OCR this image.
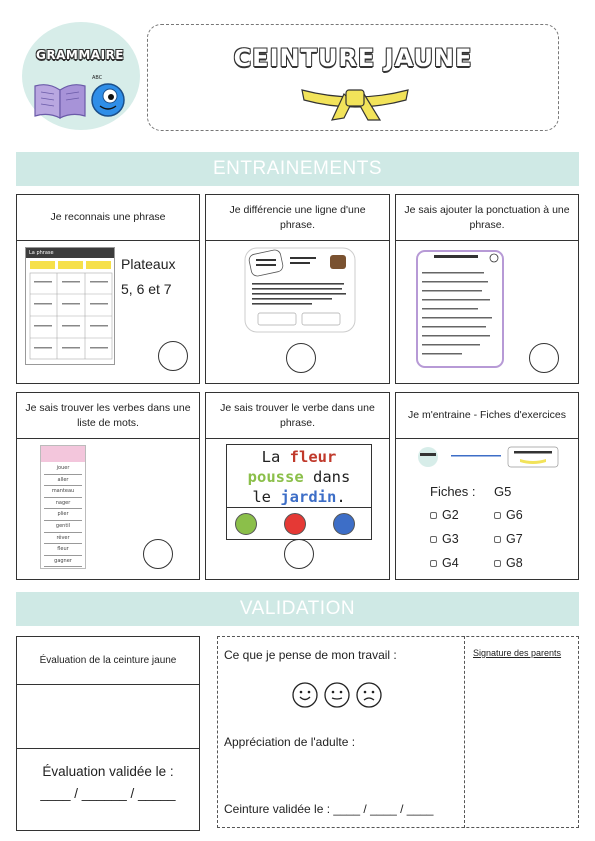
GRAMMAIRE
ABC
CEINTURE JAUNE
ENTRAINEMENTS
Je reconnais une phrase
La phrase
Plateaux
5, 6 et 7
Je différencie une ligne d'une phrase.
Je sais ajouter la ponctuation à une phrase.
Je sais trouver les verbes dans une liste de mots.
jouer
aller
manteau
nager
plier
gentil
rêver
fleur
gagner
Je sais trouver le verbe dans une phrase.
La fleur
pousse dans
le jardin.
Je m'entraine - Fiches d'exercices
Fiches : G5
G2	G6
G3	G7
G4	G8
VALIDATION
Évaluation de la ceinture jaune
Évaluation validée le :
____ / ______ / _____
Ce que je pense de mon travail :
Appréciation de l'adulte :
Ceinture validée le : ____ / ____ / ____
Signature des parents
